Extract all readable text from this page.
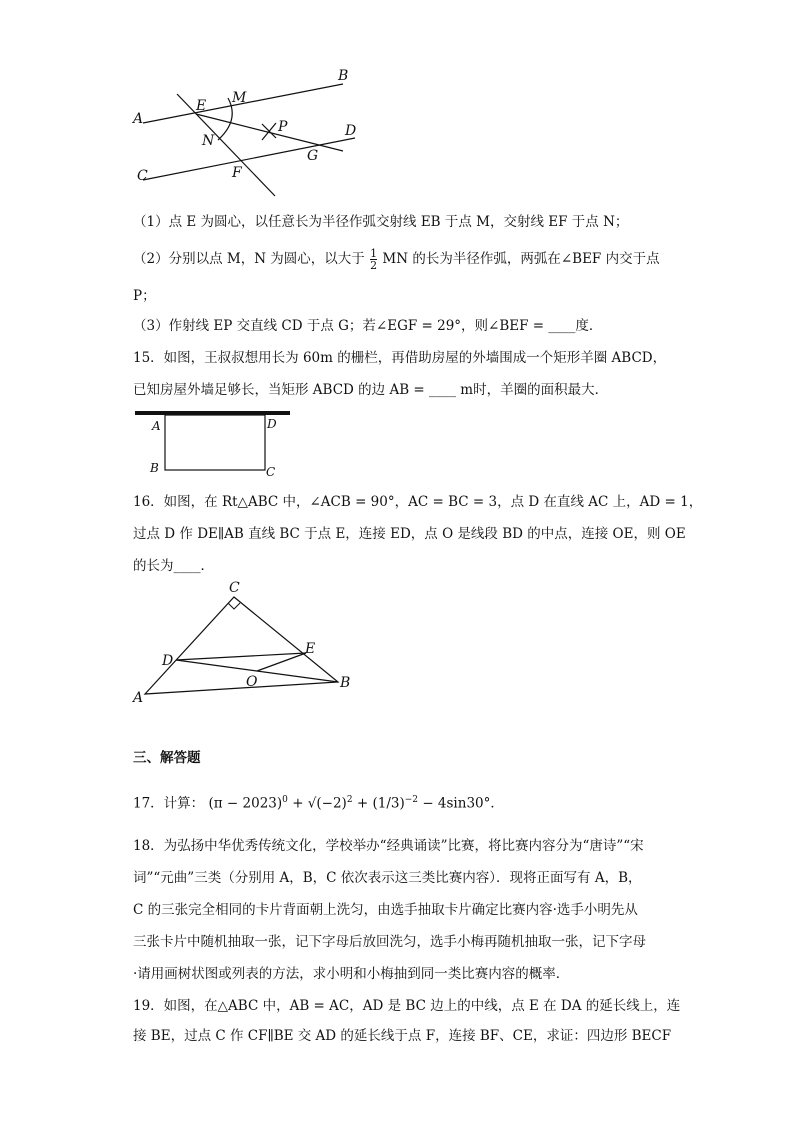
A
B
C
D
E
F
G
M
N
P
（1）点 E 为圆心，以任意长为半径作弧交射线 EB 于点 M，交射线 EF 于点 N；
（2）分别以点 M，N 为圆心，以大于 $\frac{1}{2}$ MN 的长为半径作弧，两弧在∠BEF 内交于点
P；
（3）作射线 EP 交直线 CD 于点 G；若∠EGF = 29°，则∠BEF = ____度．
15．如图，王叔叔想用长为 60m 的栅栏，再借助房屋的外墙围成一个矩形羊圈 ABCD，
已知房屋外墙足够长，当矩形 ABCD 的边 AB = ____ m时，羊圈的面积最大．
A	D
B	C
16．如图，在 Rt△ABC 中，∠ACB = 90°，AC = BC = 3，点 D 在直线 AC 上，AD = 1，
过点 D 作 DE∥AB 直线 BC 于点 E，连接 ED，点 O 是线段 BD 的中点，连接 OE，则 OE
的长为____．
C
D
E
O
A
B
三、解答题
17．计算： $(\pi - 2023)^0 + √(-2)^2 + (1/3)^{-2} - 4\sin 30^\circ$．
18．为弘扬中华优秀传统文化，学校举办“经典诵读”比赛，将比赛内容分为“唐诗”“宋
词”“元曲”三类（分别用 A，B，C 依次表示这三类比赛内容）．现将正面写有 A，B，
C 的三张完全相同的卡片背面朝上洗匀，由选手抽取卡片确定比赛内容·选手小明先从
三张卡片中随机抽取一张，记下字母后放回洗匀，选手小梅再随机抽取一张，记下字母
·请用画树状图或列表的方法，求小明和小梅抽到同一类比赛内容的概率．
19．如图，在△ABC 中，AB = AC，AD 是 BC 边上的中线，点 E 在 DA 的延长线上，连
接 BE，过点 C 作 CF∥BE 交 AD 的延长线于点 F，连接 BF、CE，求证：四边形 BECF
